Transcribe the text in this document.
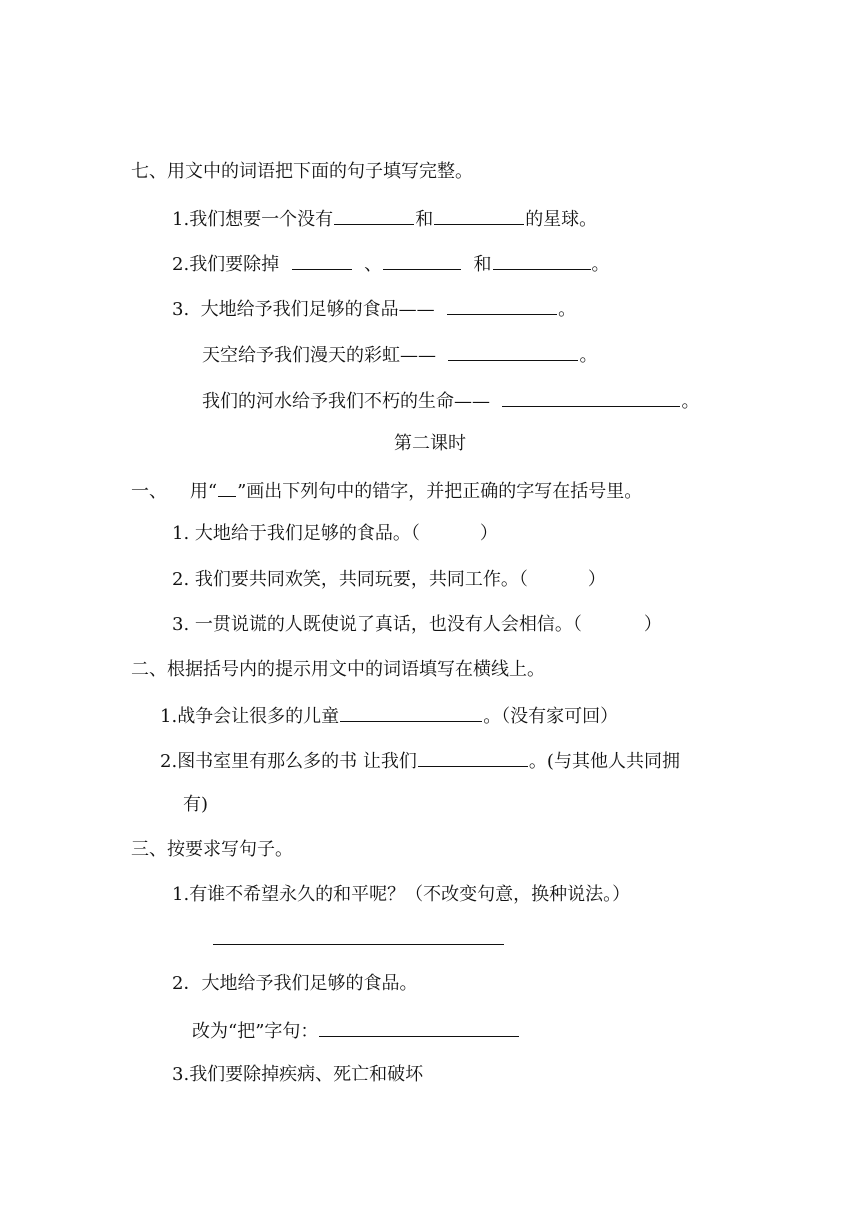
七、用文中的词语把下面的句子填写完整。
1.我们想要一个没有	和	的星球。
2.我们要除掉	、	和	。
3. 大地给予我们足够的食品——	。
天空给予我们漫天的彩虹——	。
我们的河水给予我们不朽的生命——	。
第二课时
一、 用“ ”画出下列句中的错字，并把正确的字写在括号里。
1. 大地给于我们足够的食品。（	）
2. 我们要共同欢笑，共同玩要，共同工作。（	）
3. 一贯说谎的人既使说了真话，也没有人会相信。（	）
二、根据括号内的提示用文中的词语填写在横线上。
1.战争会让很多的儿童	。（没有家可回）
2.图书室里有那么多的书 让我们	。(与其他人共同拥
有)
三、按要求写句子。
1.有谁不希望永久的和平呢？（不改变句意，换种说法。）
2．大地给予我们足够的食品。
改为“把”字句：
3.我们要除掉疾病、死亡和破坏
